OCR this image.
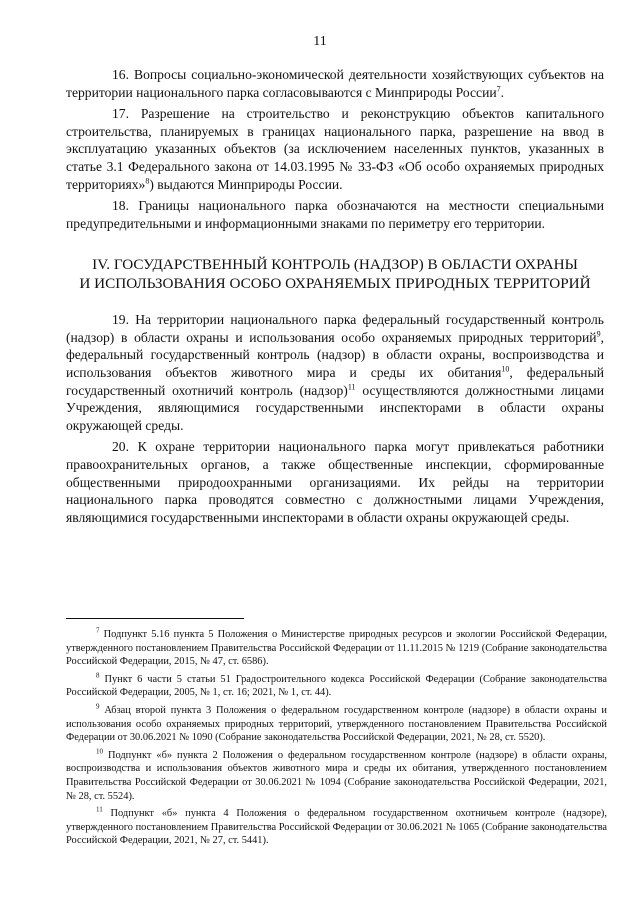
11

16. Вопросы социально-экономической деятельности хозяйствующих субъектов на территории национального парка согласовываются с Минприроды России$^7$.

17. Разрешение на строительство и реконструкцию объектов капитального строительства, планируемых в границах национального парка, разрешение на ввод в эксплуатацию указанных объектов (за исключением населенных пунктов, указанных в статье 3.1 Федерального закона от 14.03.1995 № 33-ФЗ «Об особо охраняемых природных территориях»$^8$) выдаются Минприроды России.

18. Границы национального парка обозначаются на местности специальными предупредительными и информационными знаками по периметру его территории.

IV. ГОСУДАРСТВЕННЫЙ КОНТРОЛЬ (НАДЗОР) В ОБЛАСТИ ОХРАНЫ
И ИСПОЛЬЗОВАНИЯ ОСОБО ОХРАНЯЕМЫХ ПРИРОДНЫХ ТЕРРИТОРИЙ

19. На территории национального парка федеральный государственный контроль (надзор) в области охраны и использования особо охраняемых природных территорий$^9$, федеральный государственный контроль (надзор) в области охраны, воспроизводства и использования объектов животного мира и среды их обитания$^{10}$, федеральный государственный охотничий контроль (надзор)$^{11}$ осуществляются должностными лицами Учреждения, являющимися государственными инспекторами в области охраны окружающей среды.

20. К охране территории национального парка могут привлекаться работники правоохранительных органов, а также общественные инспекции, сформированные общественными природоохранными организациями. Их рейды на территории национального парка проводятся совместно с должностными лицами Учреждения, являющимися государственными инспекторами в области охраны окружающей среды.

$^7$ Подпункт 5.16 пункта 5 Положения о Министерстве природных ресурсов и экологии Российской Федерации, утвержденного постановлением Правительства Российской Федерации от 11.11.2015 № 1219 (Собрание законодательства Российской Федерации, 2015, № 47, ст. 6586).

$^8$ Пункт 6 части 5 статьи 51 Градостроительного кодекса Российской Федерации (Собрание законодательства Российской Федерации, 2005, № 1, ст. 16; 2021, № 1, ст. 44).

$^9$ Абзац второй пункта 3 Положения о федеральном государственном контроле (надзоре) в области охраны и использования особо охраняемых природных территорий, утвержденного постановлением Правительства Российской Федерации от 30.06.2021 № 1090 (Собрание законодательства Российской Федерации, 2021, № 28, ст. 5520).

$^{10}$ Подпункт «б» пункта 2 Положения о федеральном государственном контроле (надзоре) в области охраны, воспроизводства и использования объектов животного мира и среды их обитания, утвержденного постановлением Правительства Российской Федерации от 30.06.2021 № 1094 (Собрание законодательства Российской Федерации, 2021, № 28, ст. 5524).

$^{11}$ Подпункт «б» пункта 4 Положения о федеральном государственном охотничьем контроле (надзоре), утвержденного постановлением Правительства Российской Федерации от 30.06.2021 № 1065 (Собрание законодательства Российской Федерации, 2021, № 27, ст. 5441).
